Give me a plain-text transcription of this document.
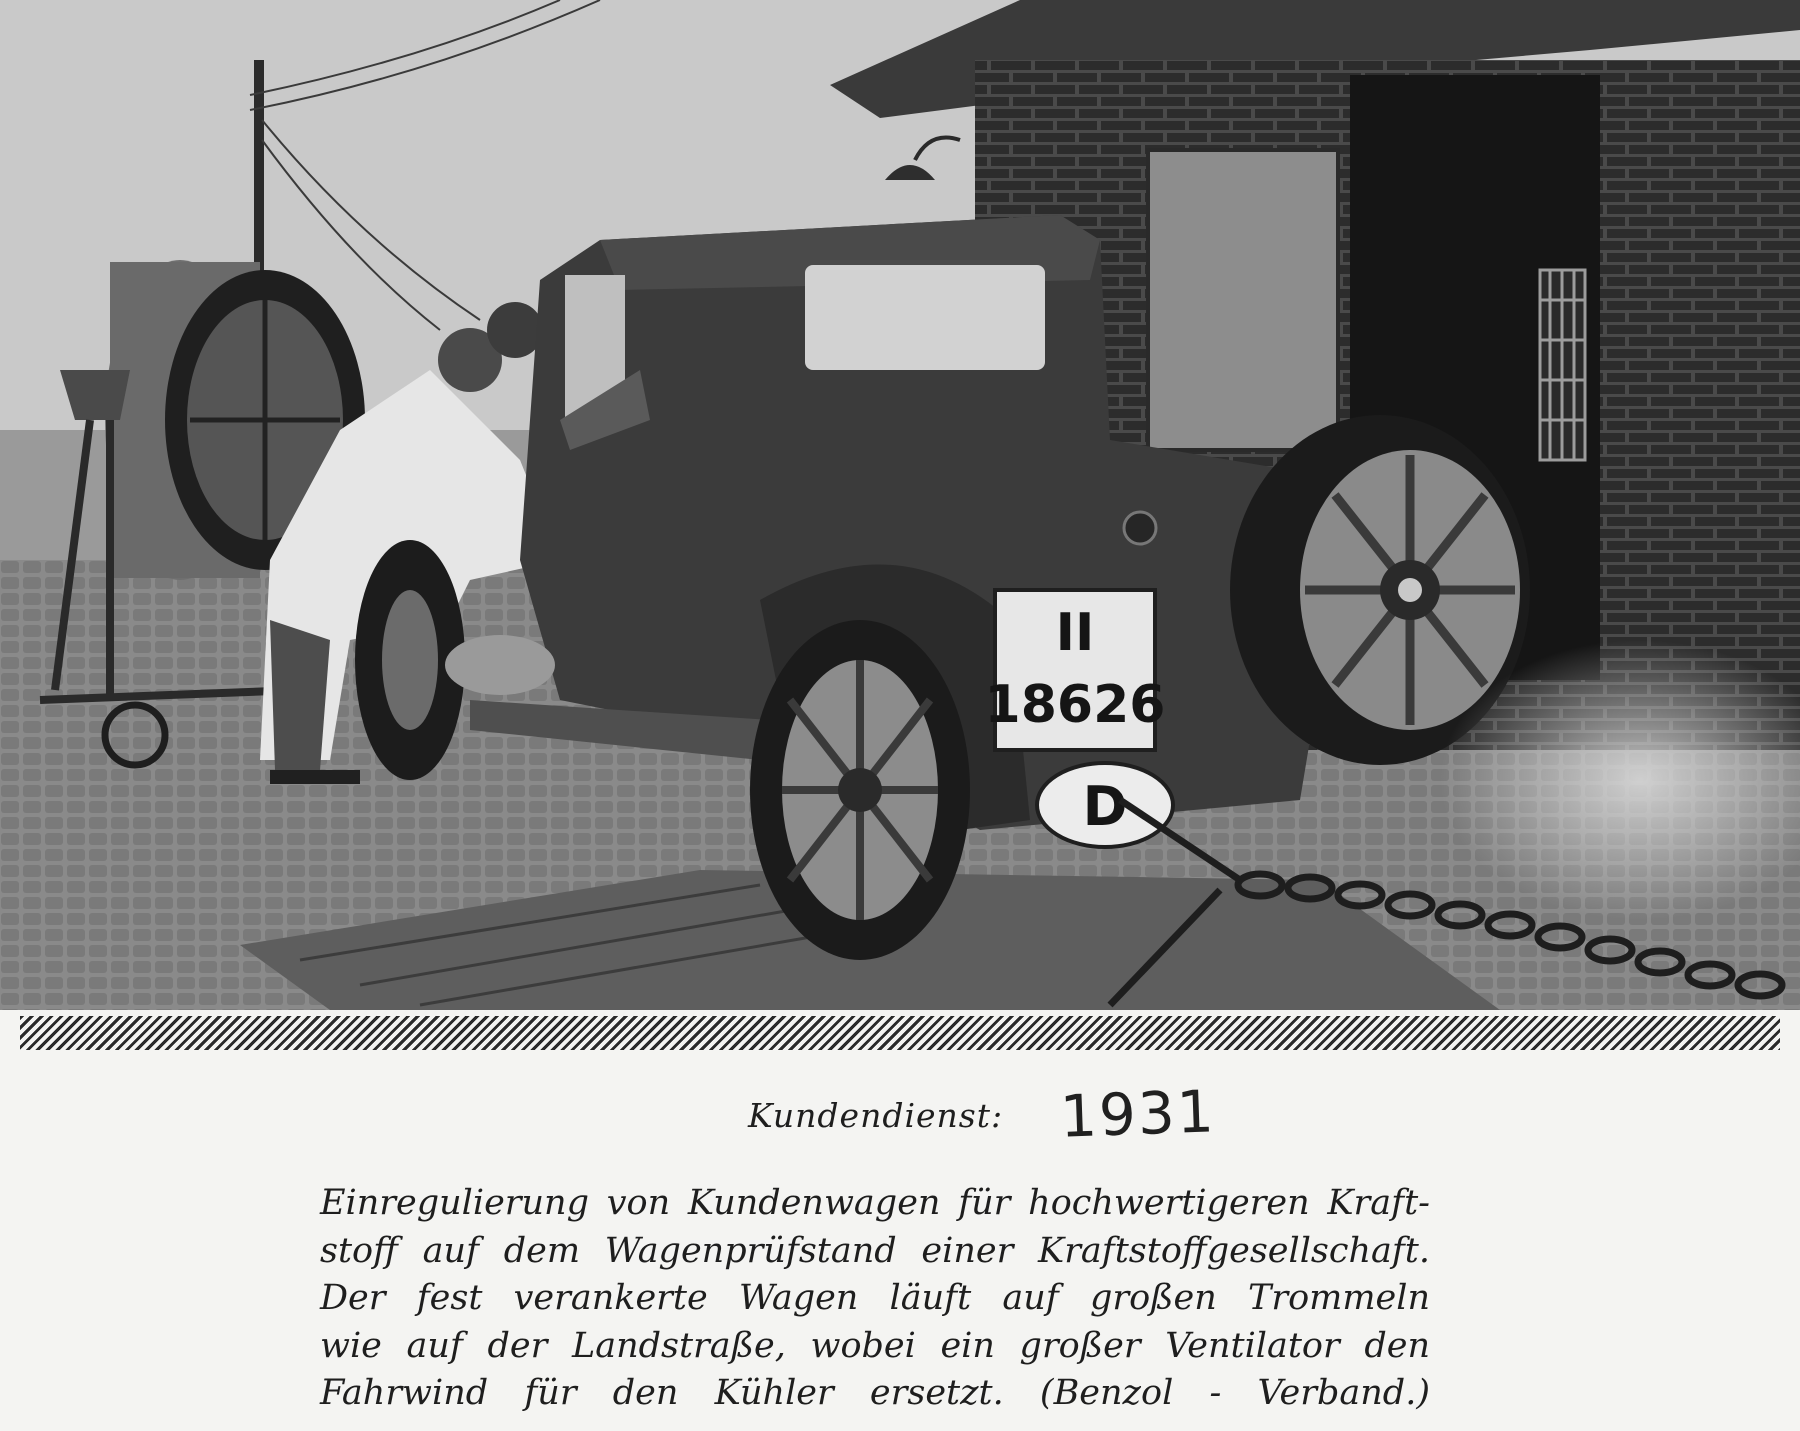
II
18626
D
Kundendienst: 1931

Einregulierung von Kundenwagen für hochwertigeren Kraft-
stoff auf dem Wagenprüfstand einer Kraftstoffgesellschaft.
Der fest verankerte Wagen läuft auf großen Trommeln
wie auf der Landstraße, wobei ein großer Ventilator den
Fahrwind für den Kühler ersetzt. (Benzol - Verband.)
